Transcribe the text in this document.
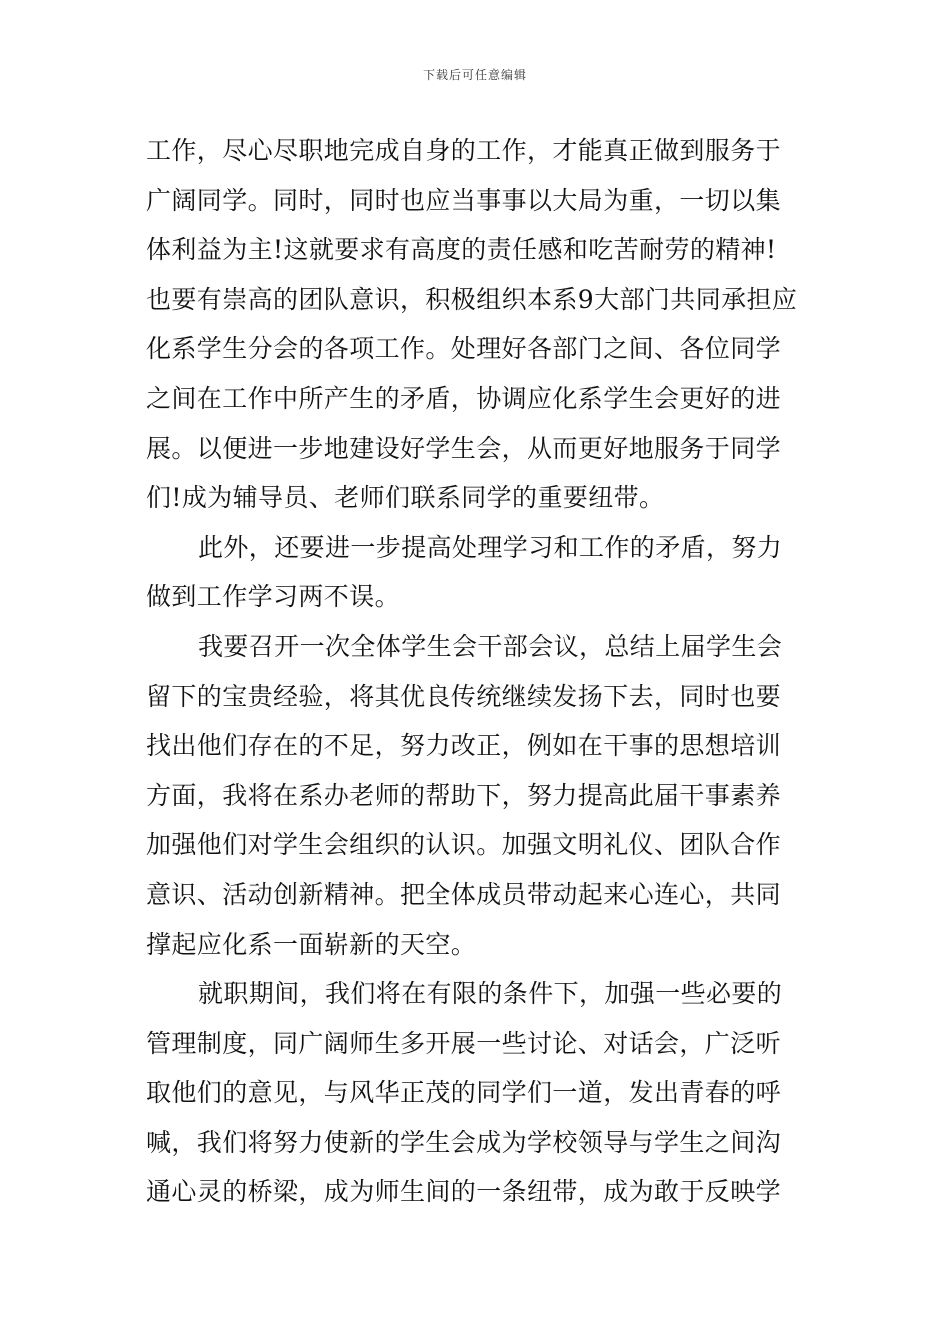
下载后可任意编辑
工作，尽心尽职地完成自身的工作，才能真正做到服务于
广阔同学。同时，同时也应当事事以大局为重，一切以集
体利益为主!这就要求有高度的责任感和吃苦耐劳的精神!
也要有崇高的团队意识，积极组织本系9大部门共同承担应
化系学生分会的各项工作。处理好各部门之间、各位同学
之间在工作中所产生的矛盾，协调应化系学生会更好的进
展。以便进一步地建设好学生会，从而更好地服务于同学
们!成为辅导员、老师们联系同学的重要纽带。
此外，还要进一步提高处理学习和工作的矛盾，努力
做到工作学习两不误。
我要召开一次全体学生会干部会议，总结上届学生会
留下的宝贵经验，将其优良传统继续发扬下去，同时也要
找出他们存在的不足，努力改正，例如在干事的思想培训
方面，我将在系办老师的帮助下，努力提高此届干事素养
加强他们对学生会组织的认识。加强文明礼仪、团队合作
意识、活动创新精神。把全体成员带动起来心连心，共同
撑起应化系一面崭新的天空。
就职期间，我们将在有限的条件下，加强一些必要的
管理制度，同广阔师生多开展一些讨论、对话会，广泛听
取他们的意见，与风华正茂的同学们一道，发出青春的呼
喊，我们将努力使新的学生会成为学校领导与学生之间沟
通心灵的桥梁，成为师生间的一条纽带，成为敢于反映学
